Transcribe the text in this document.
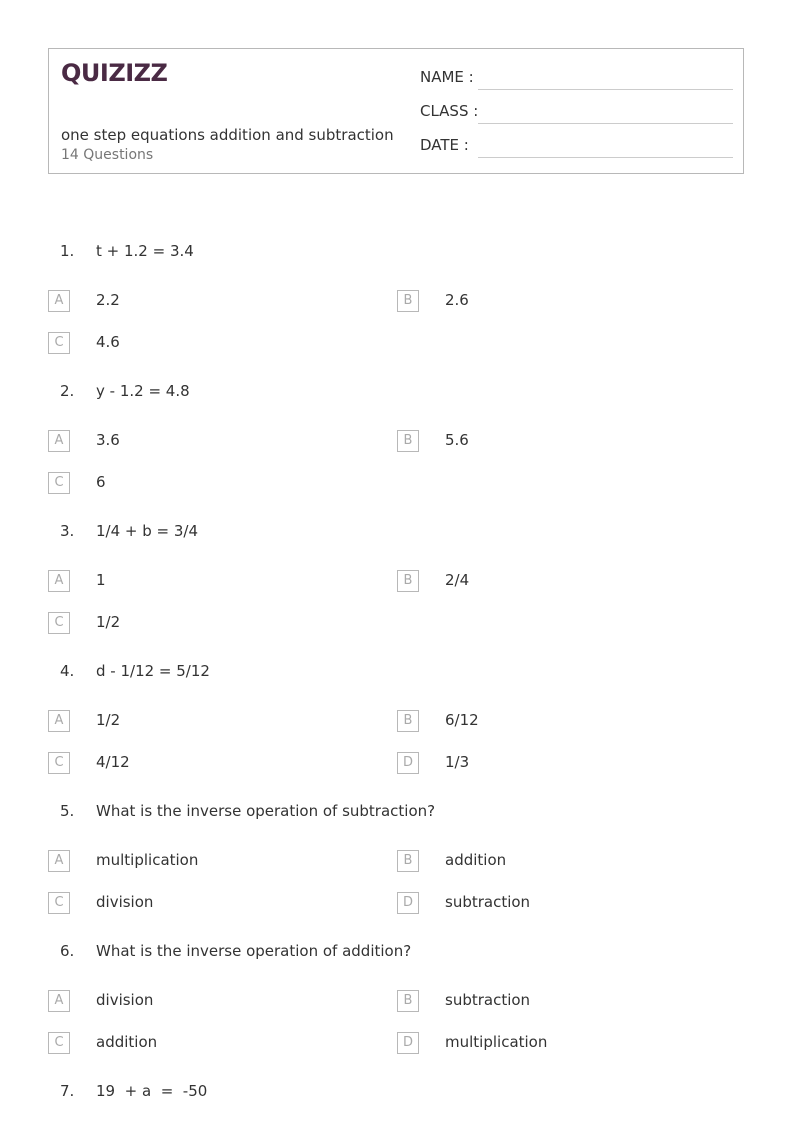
QUIZIZZ
one step equations addition and subtraction
14 Questions
NAME :
CLASS :
DATE :
1. t + 1.2 = 3.4
A	2.2	B	2.6
C	4.6
2. y - 1.2 = 4.8
A	3.6	B	5.6
C	6
3. 1/4 + b = 3/4
A	1	B	2/4
C	1/2
4. d - 1/12 = 5/12
A	1/2	B	6/12
C	4/12	D	1/3
5. What is the inverse operation of subtraction?
A	multiplication	B	addition
C	division	D	subtraction
6. What is the inverse operation of addition?
A	division	B	subtraction
C	addition	D	multiplication
7. 19  + a  =  -50
